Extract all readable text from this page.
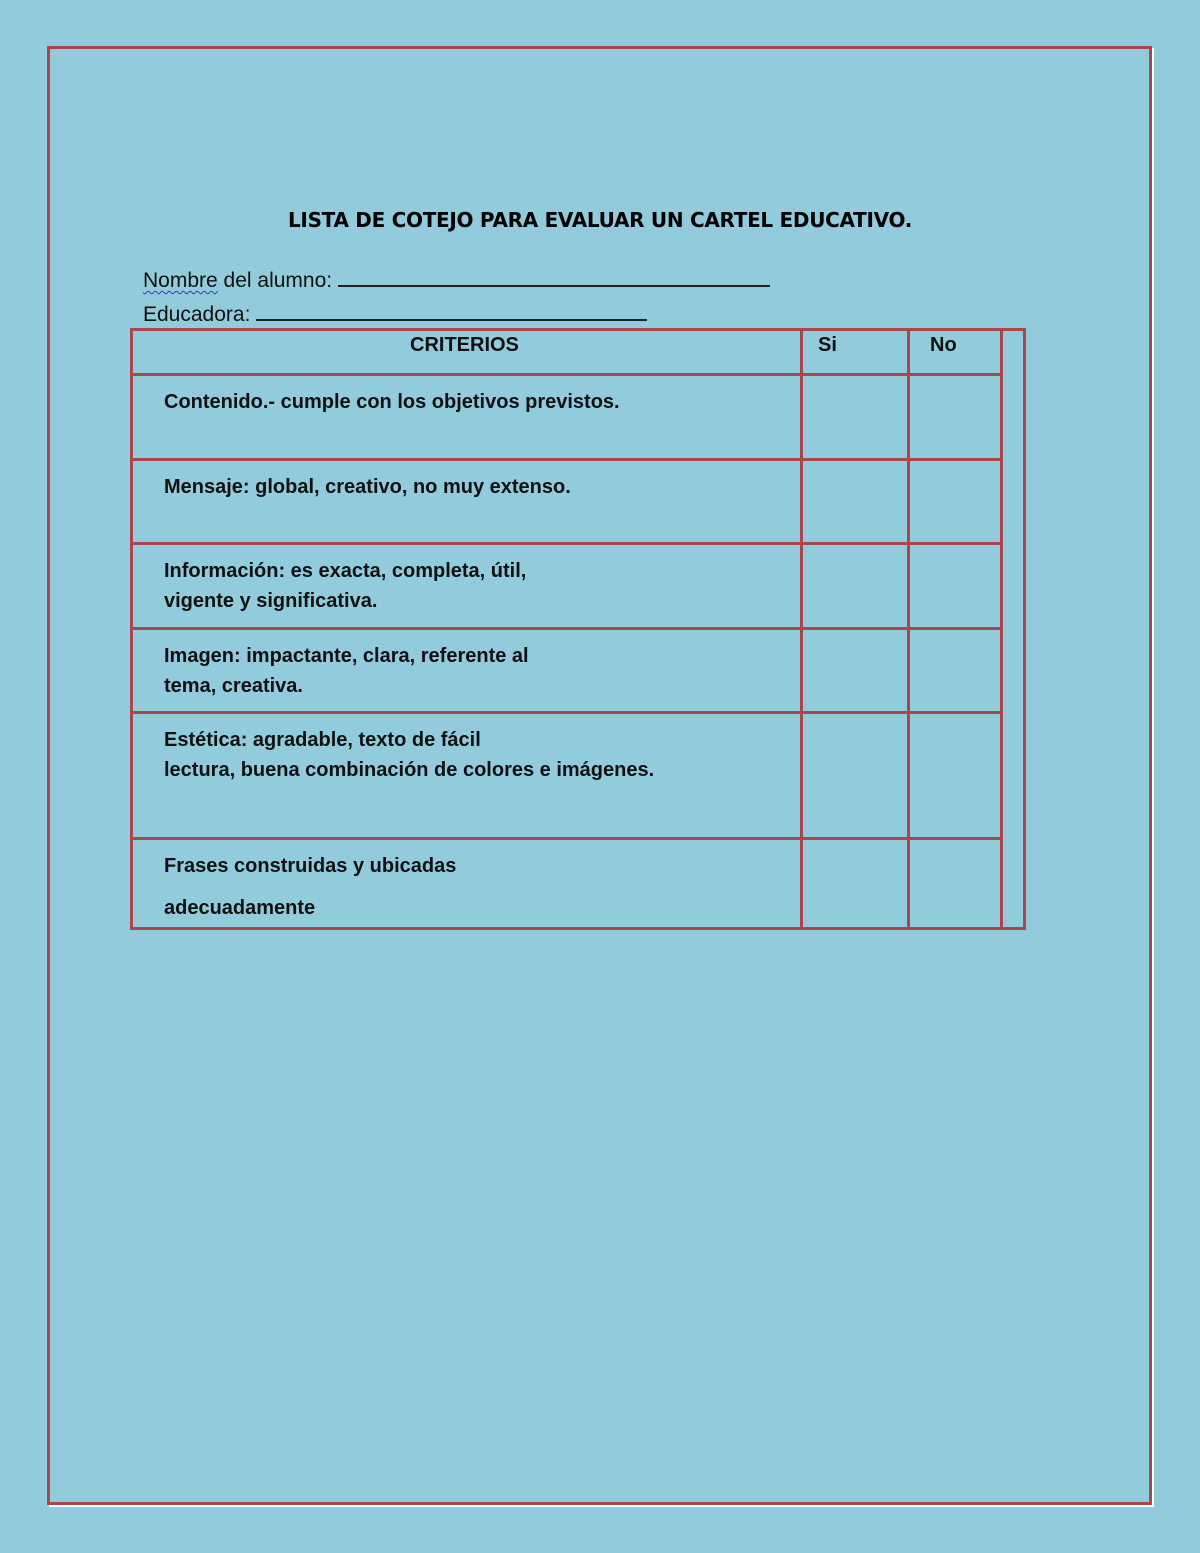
LISTA DE COTEJO PARA EVALUAR UN CARTEL EDUCATIVO.
Nombre del alumno:
Educadora:
CRITERIOS	Si	No
Contenido.- cumple con los objetivos previstos.
Mensaje: global, creativo, no muy extenso.
Información: es exacta, completa, útil,
vigente y significativa.
Imagen: impactante, clara, referente al
tema, creativa.
Estética: agradable, texto de fácil
lectura, buena combinación de colores e imágenes.
Frases construidas y ubicadas
adecuadamente
